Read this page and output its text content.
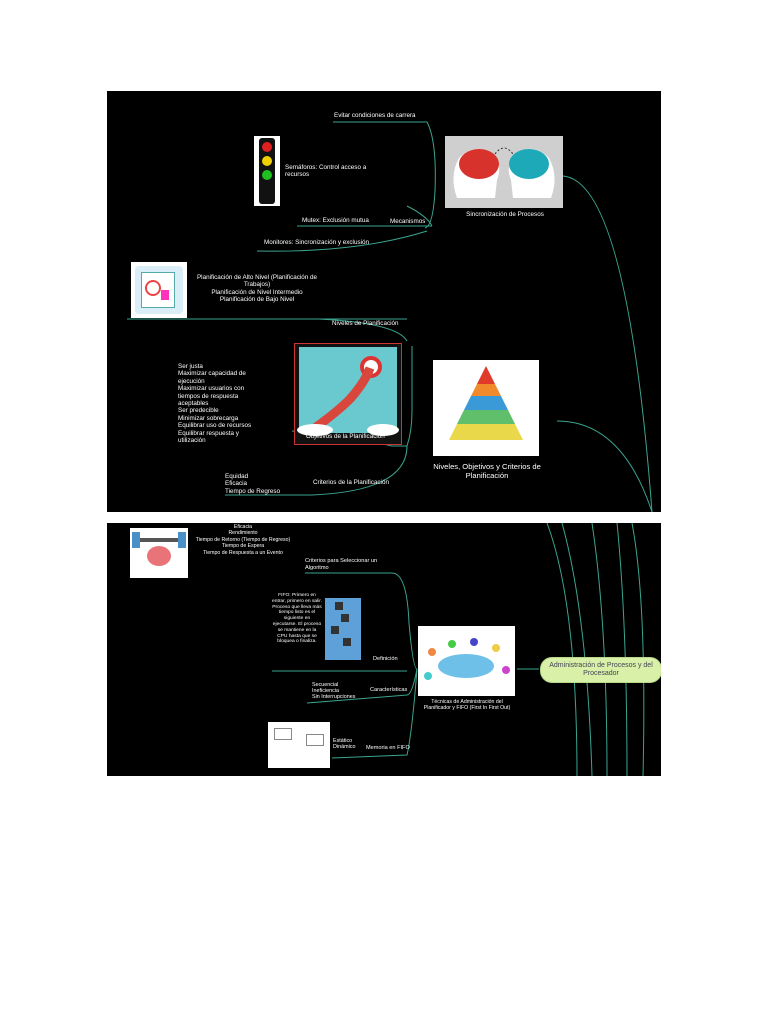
Evitar condiciones de carrera
Semáforos: Control acceso a recursos
Mutex: Exclusión mutua	Mecanismos
Monitores: Sincronización y exclusión
Sincronización de Procesos
Planificación de Alto Nivel (Planificación de Trabajos)
Planificación de Nivel Intermedio
Planificación de Bajo Nivel
Niveles de Planificación
Ser justa
Maximizar capacidad de ejecución
Maximizar usuarios con tiempos de respuesta aceptables
Ser predecible
Minimizar sobrecarga
Equilibrar uso de recursos
Equilibrar respuesta y utilización
Objetivos de la Planificación
Equidad
Eficacia
Tiempo de Regreso
Criterios de la Planificación
Niveles, Objetivos y Criterios de Planificación
Eficacia
Rendimiento
Tiempo de Retorno (Tiempo de Regreso)
Tiempo de Espera
Tiempo de Respuesta a un Evento
Criterios para Seleccionar un Algoritmo
FIFO: Primero en entrar, primero en salir. Proceso que lleva más tiempo listo es el siguiente en ejecutarse. El proceso se mantiene en la CPU hasta que se bloquea o finaliza.
Definición
Secuencial
Ineficiencia
Sin Interrupciones
Características
Técnicas de Administración del Planificador y FIFO (First In First Out)
Estático
Dinámico Memoria en FIFO
Administración de Procesos y del Procesador
